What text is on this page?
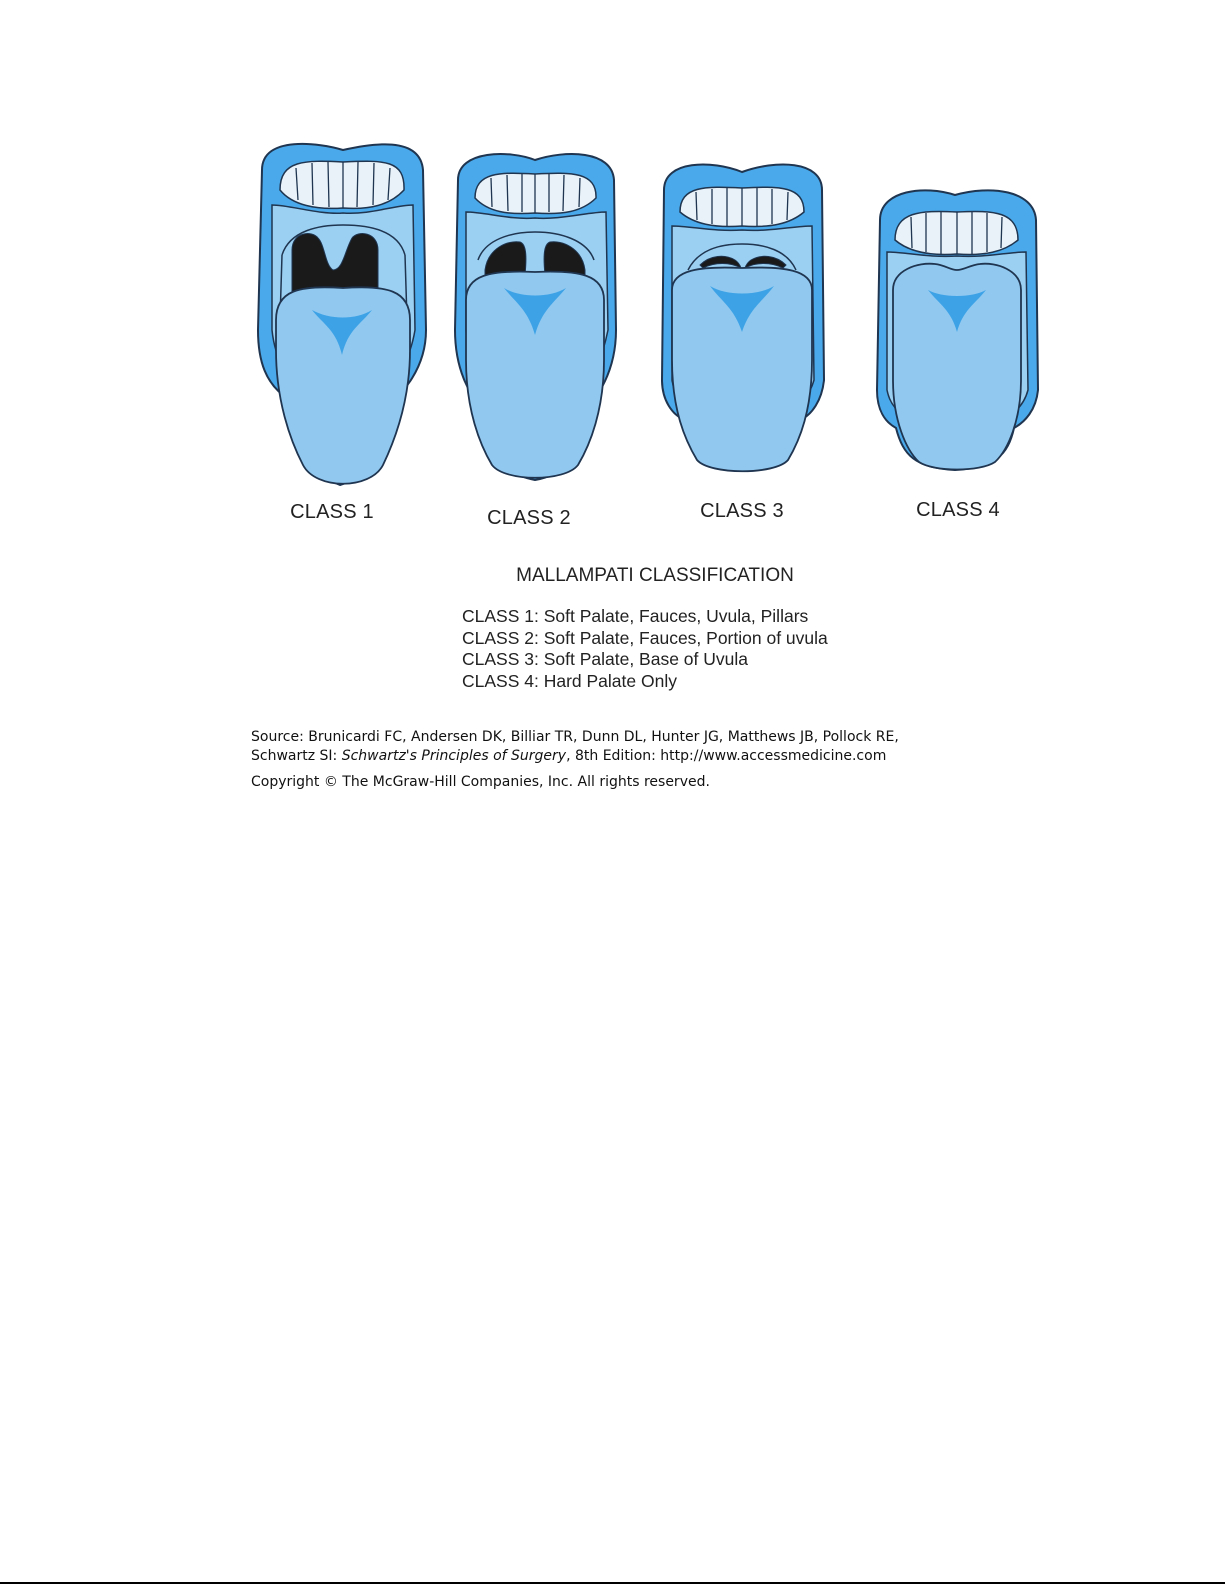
CLASS 1	CLASS 2	CLASS 3	CLASS 4
MALLAMPATI CLASSIFICATION
CLASS 1: Soft Palate, Fauces, Uvula, Pillars
CLASS 2: Soft Palate, Fauces, Portion of uvula
CLASS 3: Soft Palate, Base of Uvula
CLASS 4: Hard Palate Only
Source: Brunicardi FC, Andersen DK, Billiar TR, Dunn DL, Hunter JG, Matthews JB, Pollock RE,
Schwartz SI: Schwartz's Principles of Surgery, 8th Edition: http://www.accessmedicine.com
Copyright © The McGraw-Hill Companies, Inc. All rights reserved.
